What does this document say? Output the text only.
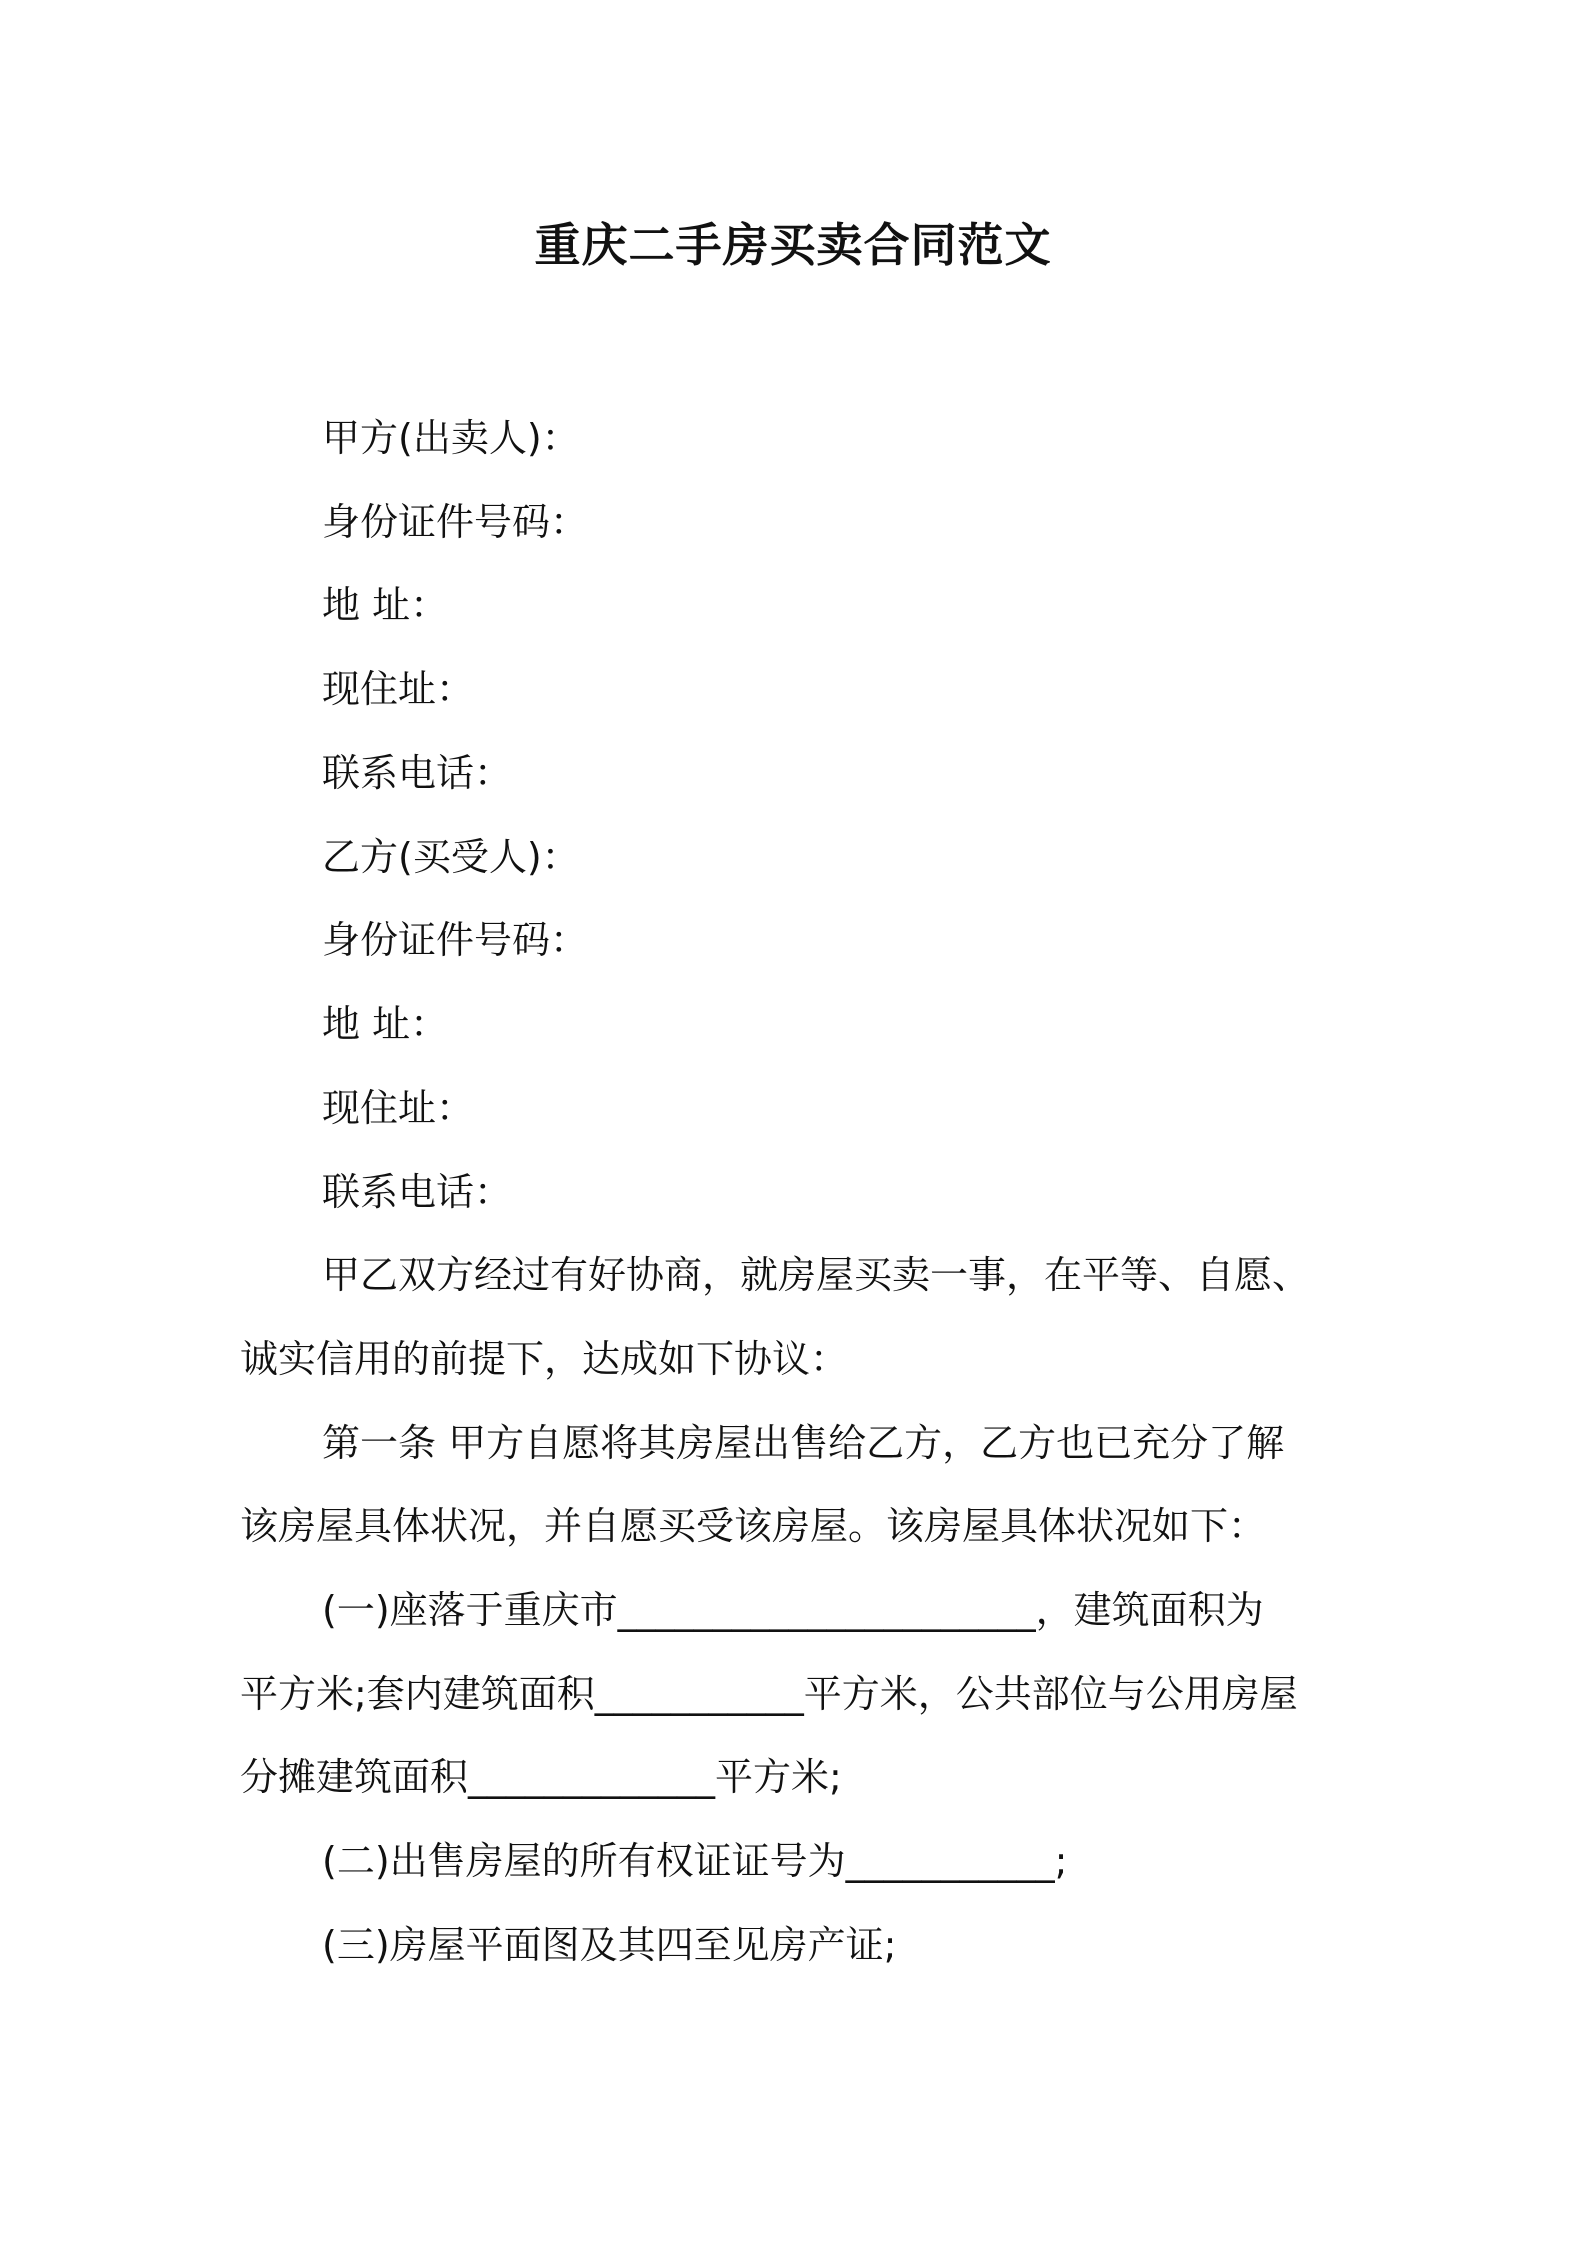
重庆二手房买卖合同范文
甲方(出卖人)：
身份证件号码：
地 址：
现住址：
联系电话：
乙方(买受人)：
身份证件号码：
地 址：
现住址：
联系电话：
甲乙双方经过有好协商，就房屋买卖一事，在平等、自愿、
诚实信用的前提下，达成如下协议：
第一条 甲方自愿将其房屋出售给乙方，乙方也已充分了解
该房屋具体状况，并自愿买受该房屋。该房屋具体状况如下：
(一)座落于重庆市______________________，建筑面积为
平方米;套内建筑面积___________平方米，公共部位与公用房屋
分摊建筑面积_____________平方米;
(二)出售房屋的所有权证证号为___________;
(三)房屋平面图及其四至见房产证;
